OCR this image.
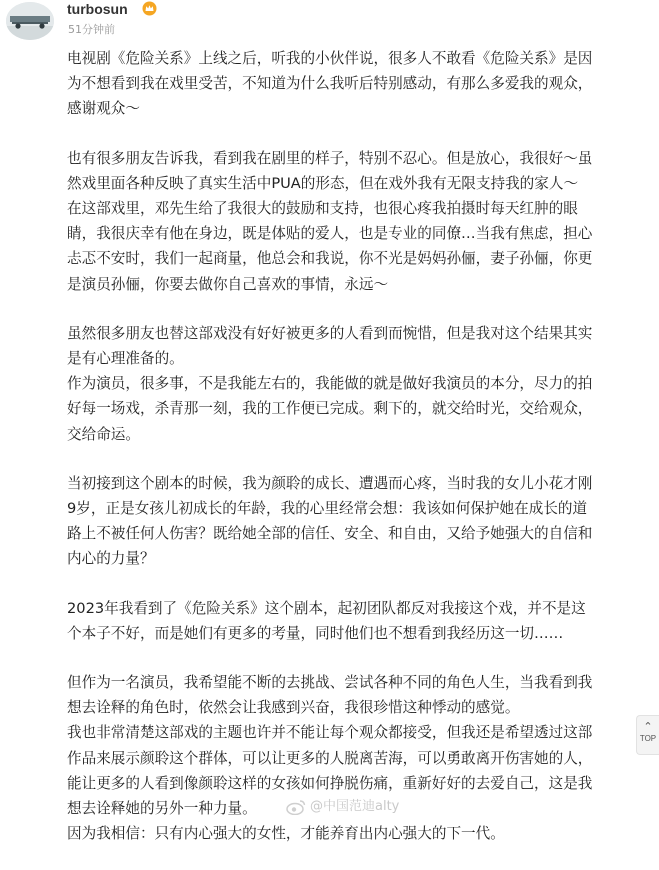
turbosun
51分钟前
电视剧《危险关系》上线之后，听我的小伙伴说，很多人不敢看《危险关系》是因
为不想看到我在戏里受苦，不知道为什么我听后特别感动，有那么多爱我的观众，
感谢观众～
也有很多朋友告诉我，看到我在剧里的样子，特别不忍心。但是放心，我很好～虽
然戏里面各种反映了真实生活中PUA的形态，但在戏外我有无限支持我的家人～
在这部戏里，邓先生给了我很大的鼓励和支持，也很心疼我拍摄时每天红肿的眼
睛，我很庆幸有他在身边，既是体贴的爱人，也是专业的同僚…当我有焦虑，担心
忐忑不安时，我们一起商量，他总会和我说，你不光是妈妈孙俪，妻子孙俪，你更
是演员孙俪，你要去做你自己喜欢的事情，永远～
虽然很多朋友也替这部戏没有好好被更多的人看到而惋惜，但是我对这个结果其实
是有心理准备的。
作为演员，很多事，不是我能左右的，我能做的就是做好我演员的本分，尽力的拍
好每一场戏，杀青那一刻，我的工作便已完成。剩下的，就交给时光，交给观众，
交给命运。
当初接到这个剧本的时候，我为颜聆的成长、遭遇而心疼，当时我的女儿小花才刚
9岁，正是女孩儿初成长的年龄，我的心里经常会想：我该如何保护她在成长的道
路上不被任何人伤害？既给她全部的信任、安全、和自由，又给予她强大的自信和
内心的力量？
2023年我看到了《危险关系》这个剧本，起初团队都反对我接这个戏，并不是这
个本子不好，而是她们有更多的考量，同时他们也不想看到我经历这一切……
但作为一名演员，我希望能不断的去挑战、尝试各种不同的角色人生，当我看到我
想去诠释的角色时，依然会让我感到兴奋，我很珍惜这种悸动的感觉。
我也非常清楚这部戏的主题也许并不能让每个观众都接受，但我还是希望透过这部
作品来展示颜聆这个群体，可以让更多的人脱离苦海，可以勇敢离开伤害她的人，
能让更多的人看到像颜聆这样的女孩如何挣脱伤痛，重新好好的去爱自己，这是我
想去诠释她的另外一种力量。
因为我相信：只有内心强大的女性，才能养育出内心强大的下一代。
⌃
TOP
@中国范迪alty
